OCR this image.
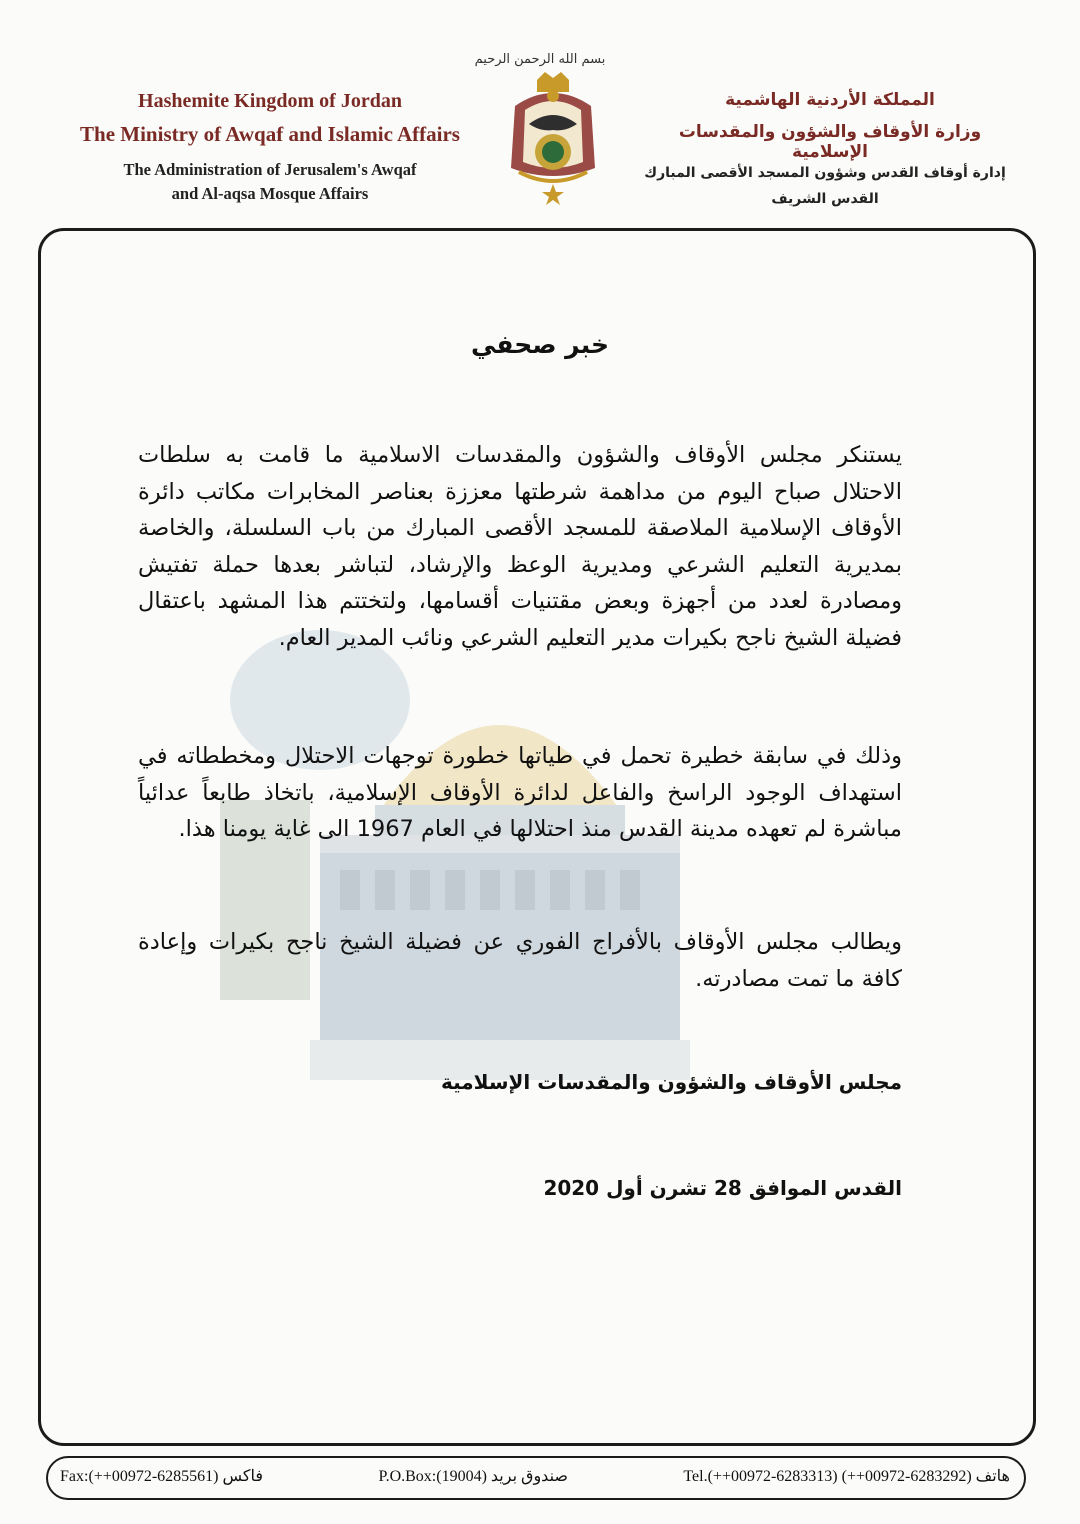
بسم الله الرحمن الرحيم
Hashemite Kingdom of Jordan
The Ministry of Awqaf and Islamic Affairs
The Administration of Jerusalem's Awqaf
and Al-aqsa Mosque Affairs
المملكة الأردنية الهاشمية
وزارة الأوقاف والشؤون والمقدسات الإسلامية
إدارة أوقاف القدس وشؤون المسجد الأقصى المبارك
القدس الشريف
خبر صحفي
يستنكر مجلس الأوقاف والشؤون والمقدسات الاسلامية ما قامت به سلطات الاحتلال صباح اليوم من مداهمة شرطتها معززة بعناصر المخابرات مكاتب دائرة الأوقاف الإسلامية الملاصقة للمسجد الأقصى المبارك من باب السلسلة، والخاصة بمديرية التعليم الشرعي ومديرية الوعظ والإرشاد، لتباشر بعدها حملة تفتيش ومصادرة لعدد من أجهزة وبعض مقتنيات أقسامها، ولتختتم هذا المشهد باعتقال فضيلة الشيخ ناجح بكيرات مدير التعليم الشرعي ونائب المدير العام.
وذلك في سابقة خطيرة تحمل في طياتها خطورة توجهات الاحتلال ومخططاته في استهداف الوجود الراسخ والفاعل لدائرة الأوقاف الإسلامية، باتخاذ طابعاً عدائياً مباشرة لم تعهده مدينة القدس منذ احتلالها في العام 1967 الى غاية يومنا هذا.
ويطالب مجلس الأوقاف بالأفراج الفوري عن فضيلة الشيخ ناجح بكيرات وإعادة كافة ما تمت مصادرته.
مجلس الأوقاف والشؤون والمقدسات الإسلامية
القدس الموافق 28 تشرن أول 2020
Fax:(++00972-6285561) فاكس	P.O.Box:(19004) صندوق بريد	Tel.(++00972-6283313) (++00972-6283292) هاتف
